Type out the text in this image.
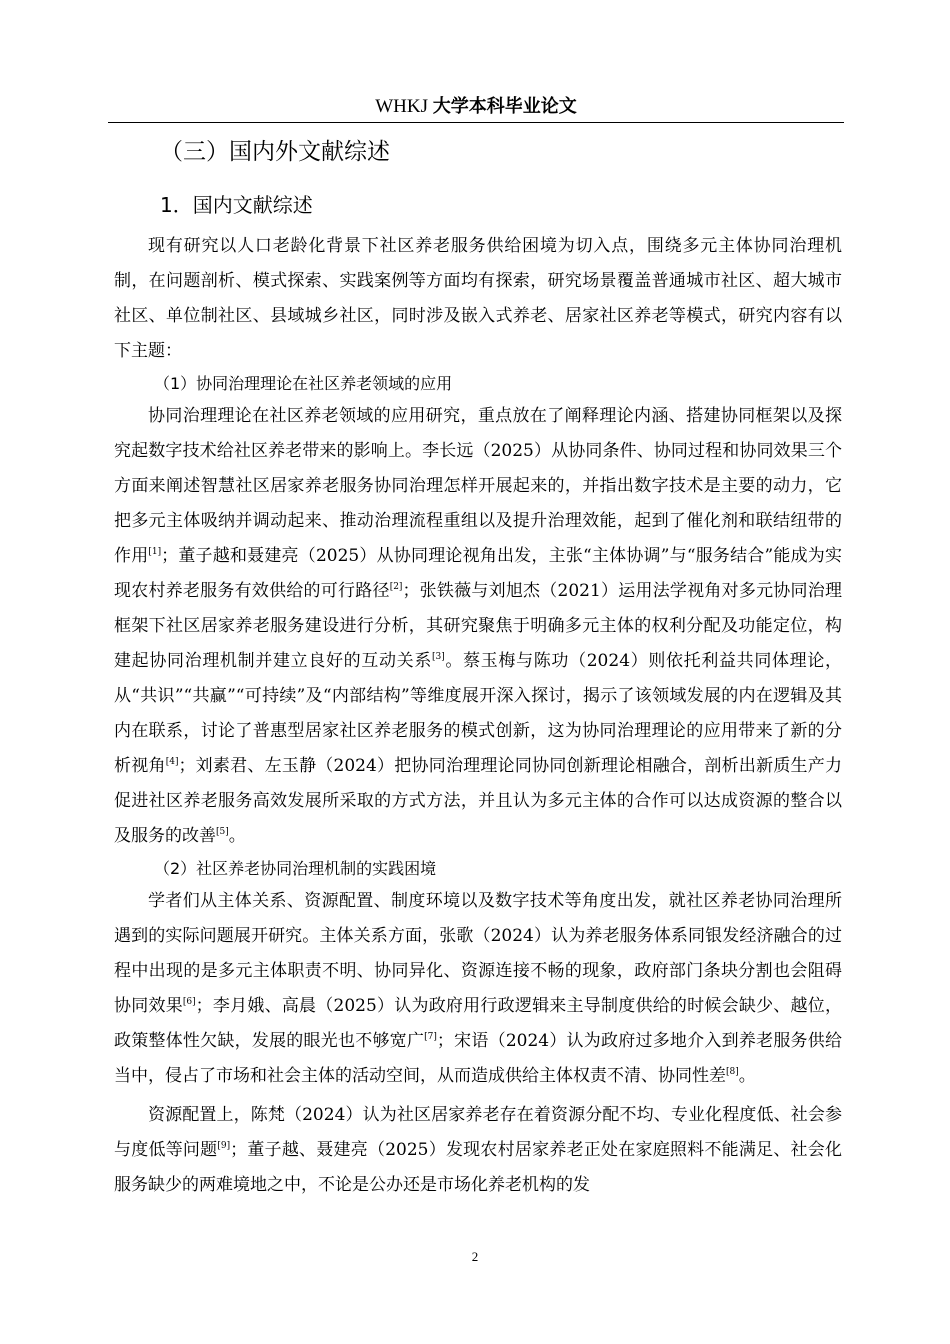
WHKJ 大学本科毕业论文
（三）国内外文献综述
1．国内文献综述

现有研究以人口老龄化背景下社区养老服务供给困境为切入点，围绕多元主体协同治理机制，在问题剖析、模式探索、实践案例等方面均有探索，研究场景覆盖普通城市社区、超大城市社区、单位制社区、县域城乡社区，同时涉及嵌入式养老、居家社区养老等模式，研究内容有以下主题：

（1）协同治理理论在社区养老领域的应用

协同治理理论在社区养老领域的应用研究，重点放在了阐释理论内涵、搭建协同框架以及探究起数字技术给社区养老带来的影响上。李长远（2025）从协同条件、协同过程和协同效果三个方面来阐述智慧社区居家养老服务协同治理怎样开展起来的，并指出数字技术是主要的动力，它把多元主体吸纳并调动起来、推动治理流程重组以及提升治理效能，起到了催化剂和联结纽带的作用[1]；董子越和聂建亮（2025）从协同理论视角出发，主张“主体协调”与“服务结合”能成为实现农村养老服务有效供给的可行路径[2]；张铁薇与刘旭杰（2021）运用法学视角对多元协同治理框架下社区居家养老服务建设进行分析，其研究聚焦于明确多元主体的权利分配及功能定位，构建起协同治理机制并建立良好的互动关系[3]。蔡玉梅与陈功（2024）则依托利益共同体理论，从“共识”“共赢”“可持续”及“内部结构”等维度展开深入探讨，揭示了该领域发展的内在逻辑及其内在联系，讨论了普惠型居家社区养老服务的模式创新，这为协同治理理论的应用带来了新的分析视角[4]；刘素君、左玉静（2024）把协同治理理论同协同创新理论相融合，剖析出新质生产力促进社区养老服务高效发展所采取的方式方法，并且认为多元主体的合作可以达成资源的整合以及服务的改善[5]。

（2）社区养老协同治理机制的实践困境

学者们从主体关系、资源配置、制度环境以及数字技术等角度出发，就社区养老协同治理所遇到的实际问题展开研究。主体关系方面，张歌（2024）认为养老服务体系同银发经济融合的过程中出现的是多元主体职责不明、协同异化、资源连接不畅的现象，政府部门条块分割也会阻碍协同效果[6]；李月娥、高晨（2025）认为政府用行政逻辑来主导制度供给的时候会缺少、越位，政策整体性欠缺，发展的眼光也不够宽广[7]；宋语（2024）认为政府过多地介入到养老服务供给当中，侵占了市场和社会主体的活动空间，从而造成供给主体权责不清、协同性差[8]。

资源配置上，陈梵（2024）认为社区居家养老存在着资源分配不均、专业化程度低、社会参与度低等问题[9]；董子越、聂建亮（2025）发现农村居家养老正处在家庭照料不能满足、社会化服务缺少的两难境地之中，不论是公办还是市场化养老机构的发

2
